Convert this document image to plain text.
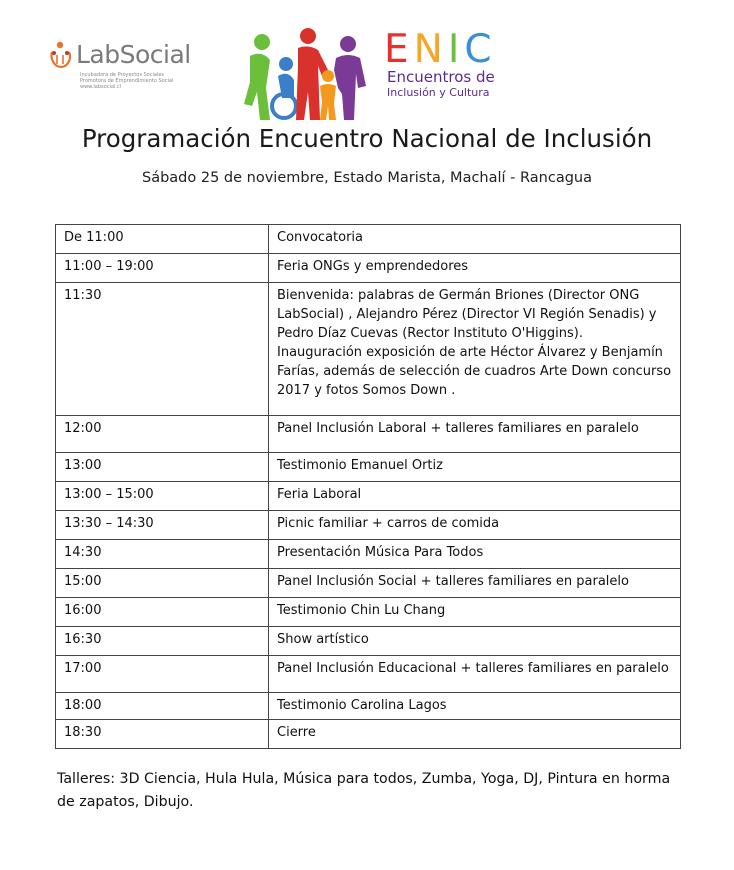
LabSocial
Incubadora de Proyectos Sociales
Promotora de Emprendimiento Social
www.labsocial.cl
ENIC
Encuentros de
Inclusión y Cultura
Programación Encuentro Nacional de Inclusión
Sábado 25 de noviembre, Estado Marista, Machalí - Rancagua
De 11:00	Convocatoria
11:00 – 19:00	Feria ONGs y emprendedores
11:30	Bienvenida: palabras de Germán Briones (Director ONG LabSocial) , Alejandro Pérez (Director VI Región Senadis) y Pedro Díaz Cuevas (Rector Instituto O'Higgins). Inauguración exposición de arte Héctor Álvarez y Benjamín Farías, además de selección de cuadros Arte Down concurso 2017 y fotos Somos Down .
12:00	Panel Inclusión Laboral + talleres familiares en paralelo
13:00	Testimonio Emanuel Ortiz
13:00 – 15:00	Feria Laboral
13:30 – 14:30	Picnic familiar + carros de comida
14:30	Presentación Música Para Todos
15:00	Panel Inclusión Social + talleres familiares en paralelo
16:00	Testimonio Chin Lu Chang
16:30	Show artístico
17:00	Panel Inclusión Educacional + talleres familiares en paralelo
18:00	Testimonio Carolina Lagos
18:30	Cierre
Talleres: 3D Ciencia, Hula Hula, Música para todos, Zumba, Yoga, DJ, Pintura en horma de zapatos, Dibujo.
